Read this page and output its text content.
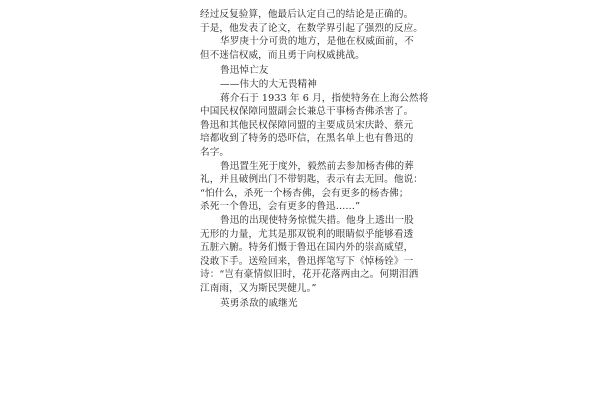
经过反复验算，他最后认定自己的结论是正确的。
于是，他发表了论文，在数学界引起了强烈的反应。
华罗庚十分可贵的地方，是他在权威面前，不
但不迷信权威，而且勇于向权威挑战。
鲁迅悼亡友
——伟大的大无畏精神
蒋介石于 1933 年 6 月，指使特务在上海公然将
中国民权保障同盟副会长兼总干事杨杏佛杀害了。
鲁迅和其他民权保障同盟的主要成员宋庆龄、蔡元
培都收到了特务的恐吓信，在黑名单上也有鲁迅的
名字。
鲁迅置生死于度外，毅然前去参加杨杏佛的葬
礼，并且破例出门不带钥匙，表示有去无回。他说：
“怕什么，杀死一个杨杏佛，会有更多的杨杏佛；
杀死一个鲁迅，会有更多的鲁迅……”
鲁迅的出现使特务惊慌失措。他身上透出一股
无形的力量，尤其是那双锐利的眼睛似乎能够看透
五脏六腑。特务们慑于鲁迅在国内外的崇高威望，
没敢下手。送殓回来，鲁迅挥笔写下《悼杨铨》一
诗：“岂有豪情似旧时，花开花落两由之。何期泪洒
江南雨，又为斯民哭健儿。”
英勇杀敌的戚继光
